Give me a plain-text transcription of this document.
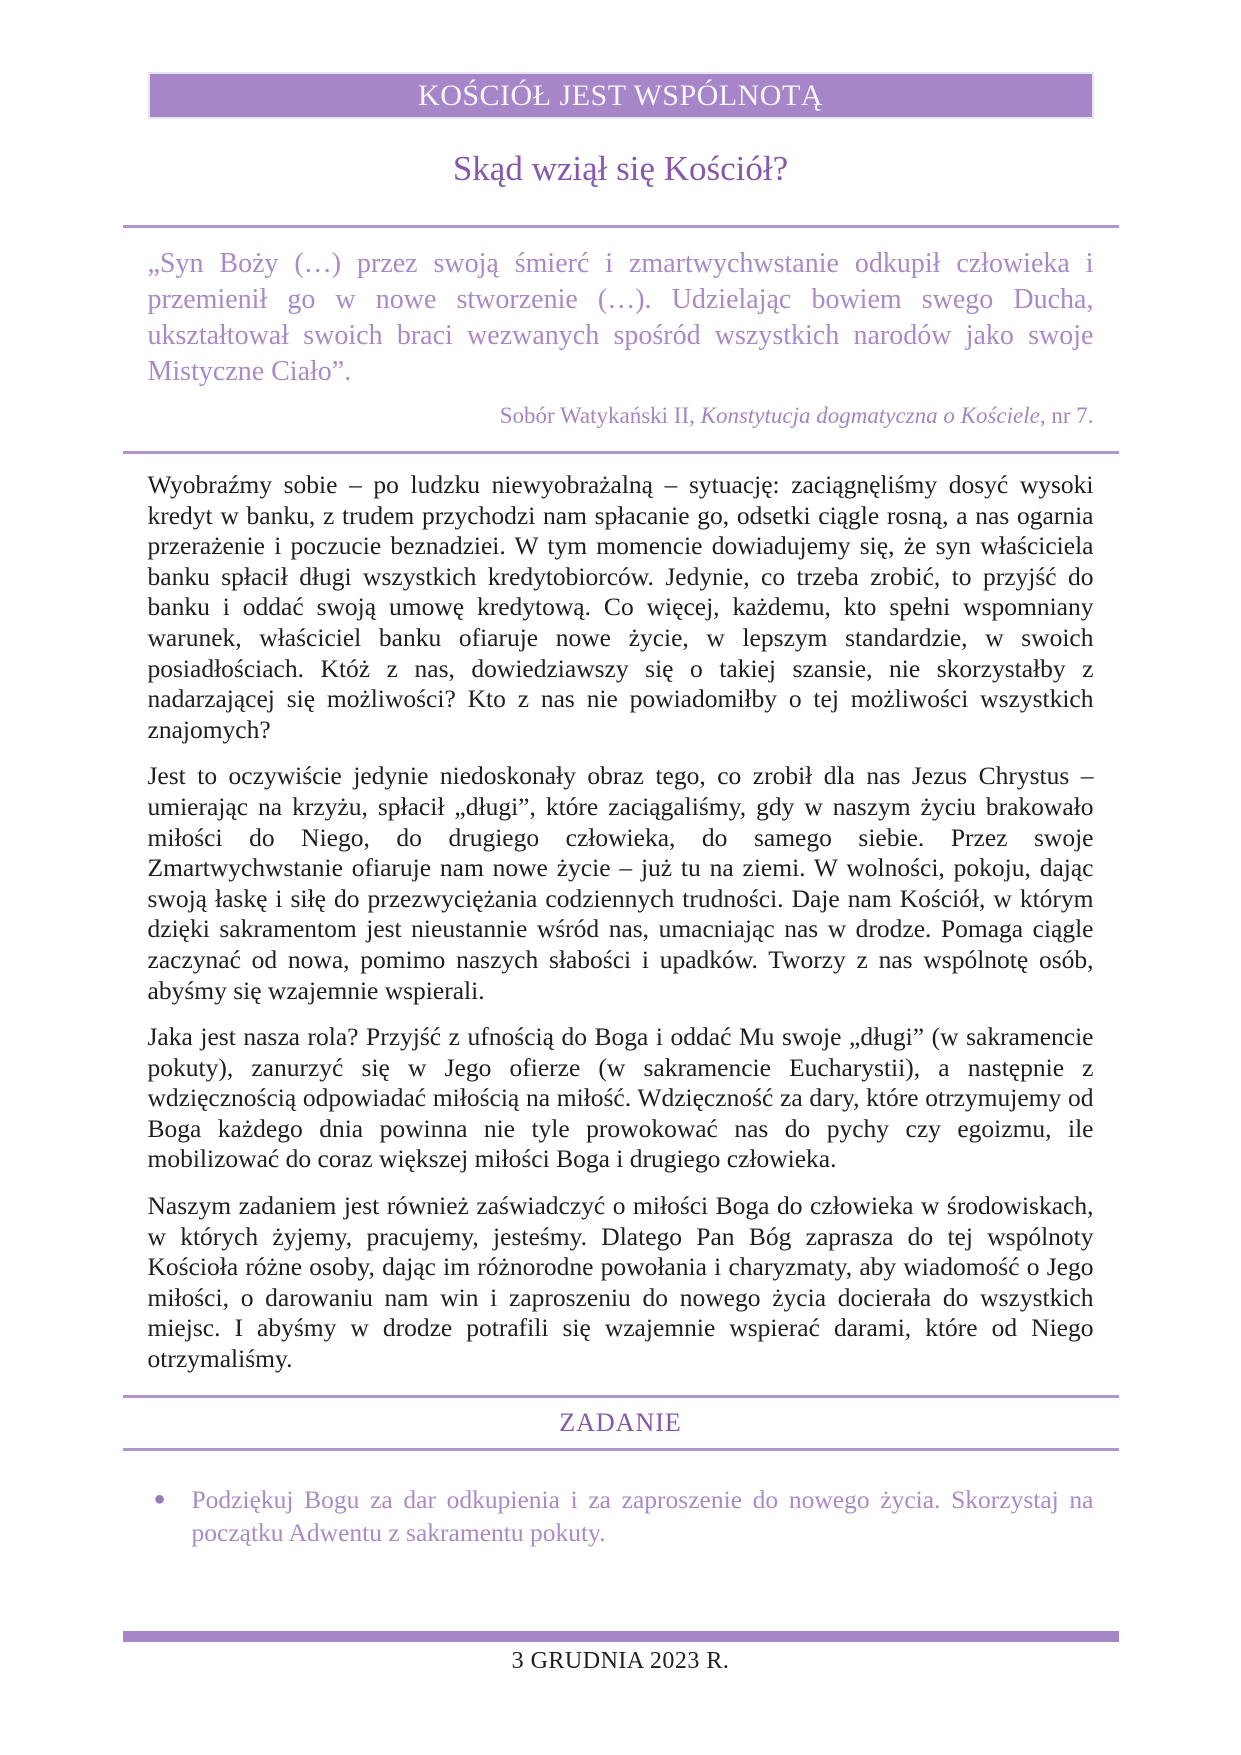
KOŚCIÓŁ JEST WSPÓLNOTĄ
Skąd wziął się Kościół?

„Syn Boży (…) przez swoją śmierć i zmartwychwstanie odkupił człowieka i przemienił go w nowe stworzenie (…). Udzielając bowiem swego Ducha, ukształtował swoich braci wezwanych spośród wszystkich narodów jako swoje Mistyczne Ciało”.

Sobór Watykański II, Konstytucja dogmatyczna o Kościele, nr 7.

Wyobraźmy sobie – po ludzku niewyobrażalną – sytuację: zaciągnęliśmy dosyć wysoki kredyt w banku, z trudem przychodzi nam spłacanie go, odsetki ciągle rosną, a nas ogarnia przerażenie i poczucie beznadziei. W tym momencie dowiadujemy się, że syn właściciela banku spłacił długi wszystkich kredytobiorców. Jedynie, co trzeba zrobić, to przyjść do banku i oddać swoją umowę kredytową. Co więcej, każdemu, kto spełni wspomniany warunek, właściciel banku ofiaruje nowe życie, w lepszym standardzie, w swoich posiadłościach. Któż z nas, dowiedziawszy się o takiej szansie, nie skorzystałby z nadarzającej się możliwości? Kto z nas nie powiadomiłby o tej możliwości wszystkich znajomych?

Jest to oczywiście jedynie niedoskonały obraz tego, co zrobił dla nas Jezus Chrystus – umierając na krzyżu, spłacił „długi”, które zaciągaliśmy, gdy w naszym życiu brakowało miłości do Niego, do drugiego człowieka, do samego siebie. Przez swoje Zmartwychwstanie ofiaruje nam nowe życie – już tu na ziemi. W wolności, pokoju, dając swoją łaskę i siłę do przezwyciężania codziennych trudności. Daje nam Kościół, w którym dzięki sakramentom jest nieustannie wśród nas, umacniając nas w drodze. Pomaga ciągle zaczynać od nowa, pomimo naszych słabości i upadków. Tworzy z nas wspólnotę osób, abyśmy się wzajemnie wspierali.

Jaka jest nasza rola? Przyjść z ufnością do Boga i oddać Mu swoje „długi” (w sakramencie pokuty), zanurzyć się w Jego ofierze (w sakramencie Eucharystii), a następnie z wdzięcznością odpowiadać miłością na miłość. Wdzięczność za dary, które otrzymujemy od Boga każdego dnia powinna nie tyle prowokować nas do pychy czy egoizmu, ile mobilizować do coraz większej miłości Boga i drugiego człowieka.

Naszym zadaniem jest również zaświadczyć o miłości Boga do człowieka w środowiskach, w których żyjemy, pracujemy, jesteśmy. Dlatego Pan Bóg zaprasza do tej wspólnoty Kościoła różne osoby, dając im różnorodne powołania i charyzmaty, aby wiadomość o Jego miłości, o darowaniu nam win i zaproszeniu do nowego życia docierała do wszystkich miejsc. I abyśmy w drodze potrafili się wzajemnie wspierać darami, które od Niego otrzymaliśmy.

ZADANIE
●	Podziękuj Bogu za dar odkupienia i za zaproszenie do nowego życia. Skorzystaj na początku Adwentu z sakramentu pokuty.

3 GRUDNIA 2023 R.
